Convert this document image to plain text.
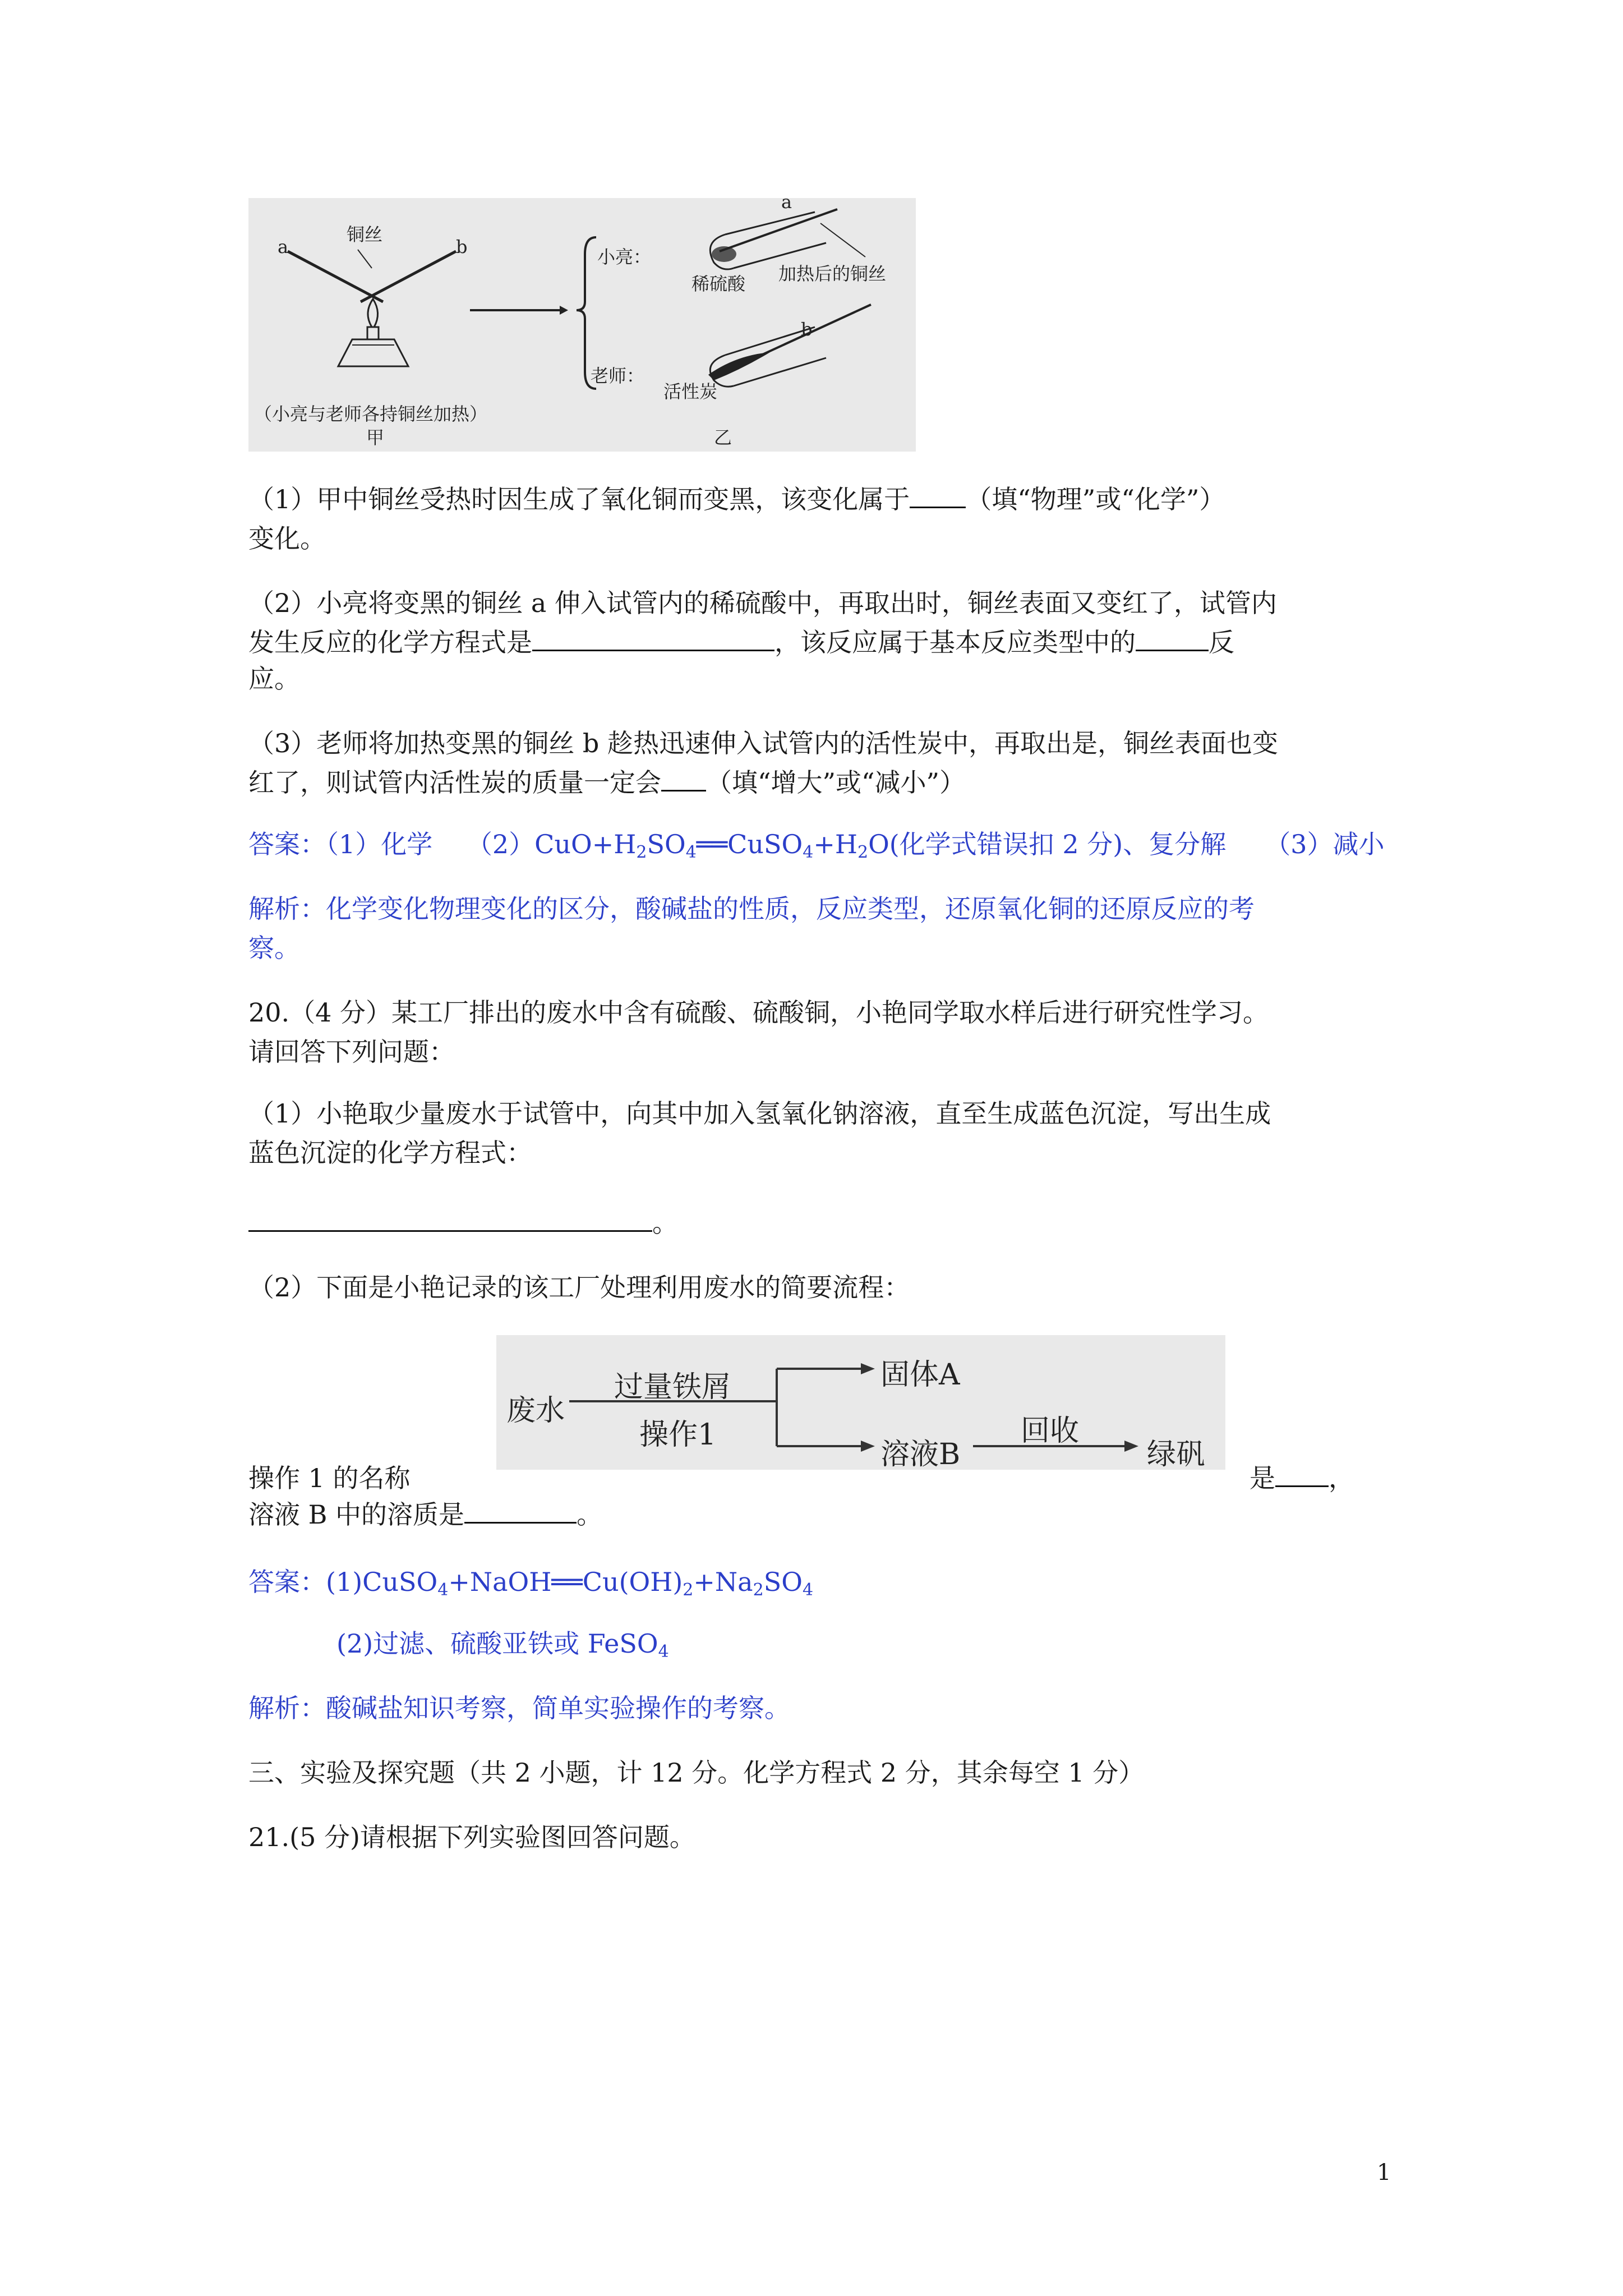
铜丝
a	b
（小亮与老师各持铜丝加热）
甲
小亮：
稀硫酸 加热后的铜丝
老师：
活性炭
乙
a
b
（1）甲中铜丝受热时因生成了氧化铜而变黑，该变化属于 （填“物理”或“化学”）
变化。
（2）小亮将变黑的铜丝 a 伸入试管内的稀硫酸中，再取出时，铜丝表面又变红了，试管内
发生反应的化学方程式是	，该反应属于基本反应类型中的	反
应。
（3）老师将加热变黑的铜丝 b 趁热迅速伸入试管内的活性炭中，再取出是，铜丝表面也变
红了，则试管内活性炭的质量一定会 （填“增大”或“减小”）
答案：（1）化学　 $(2)CuO+H_2SO_4══CuSO_4+H_2O$(化学式错误扣 2 分)、复分解　　（3）减小
解析：化学变化物理变化的区分，酸碱盐的性质，反应类型，还原氧化铜的还原反应的考
察。
20.（4 分）某工厂排出的废水中含有硫酸、硫酸铜，小艳同学取水样后进行研究性学习。
请回答下列问题：
（1）小艳取少量废水于试管中，向其中加入氢氧化钠溶液，直至生成蓝色沉淀，写出生成
蓝色沉淀的化学方程式：
。
（2）下面是小艳记录的该工厂处理利用废水的简要流程：
废水
过量铁屑
操作1
固体A
溶液B
回收
绿矾
操作 1 的名称	是 ，
溶液 B 中的溶质是	。
答案：$(1)CuSO_4+NaOH══Cu(OH)_2+Na_2SO_4$
(2)过滤、硫酸亚铁或 FeSO$_4$
解析：酸碱盐知识考察，简单实验操作的考察。
三、实验及探究题（共 2 小题，计 12 分。化学方程式 2 分，其余每空 1 分）
21.(5 分)请根据下列实验图回答问题。
1
